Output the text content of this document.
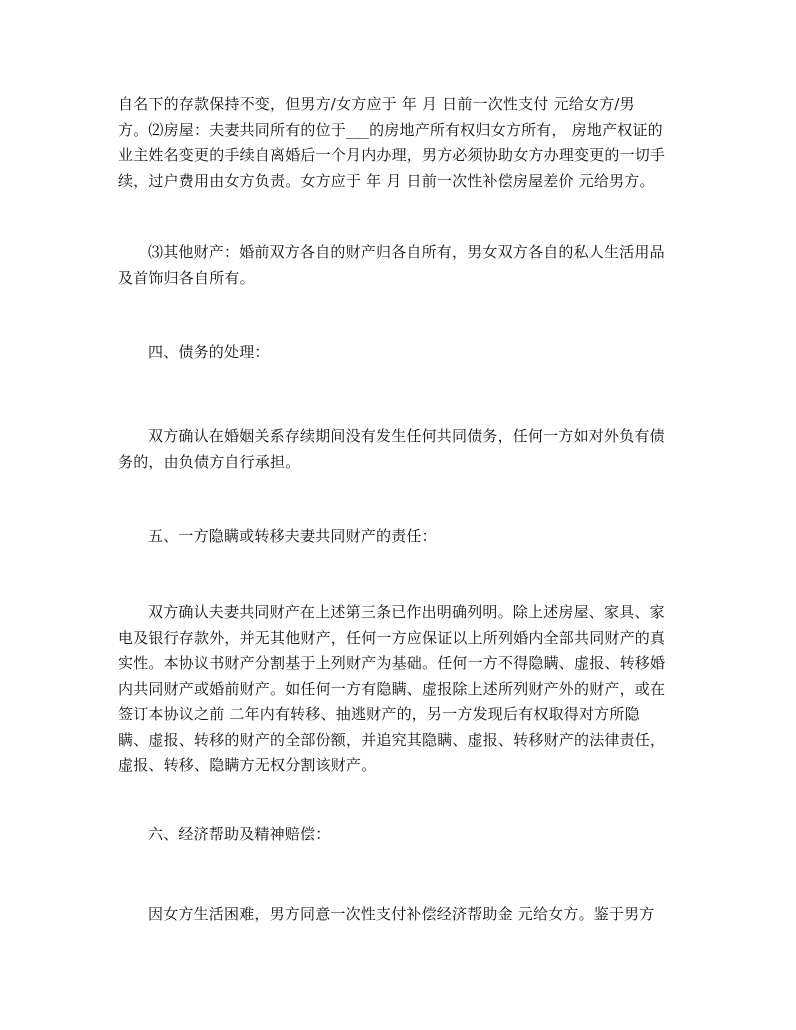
自名下的存款保持不变，但男方/女方应于 年 月 日前一次性支付 元给女方/男
方。⑵房屋：夫妻共同所有的位于___的房地产所有权归女方所有， 房地产权证的
业主姓名变更的手续自离婚后一个月内办理，男方必须协助女方办理变更的一切手
续，过户费用由女方负责。女方应于 年 月 日前一次性补偿房屋差价 元给男方。

⑶其他财产：婚前双方各自的财产归各自所有，男女双方各自的私人生活用品
及首饰归各自所有。

四、债务的处理：

双方确认在婚姻关系存续期间没有发生任何共同债务，任何一方如对外负有债
务的，由负债方自行承担。

五、一方隐瞒或转移夫妻共同财产的责任：

双方确认夫妻共同财产在上述第三条已作出明确列明。除上述房屋、家具、家
电及银行存款外，并无其他财产，任何一方应保证以上所列婚内全部共同财产的真
实性。本协议书财产分割基于上列财产为基础。任何一方不得隐瞒、虚报、转移婚
内共同财产或婚前财产。如任何一方有隐瞒、虚报除上述所列财产外的财产，或在
签订本协议之前 二年内有转移、抽逃财产的，另一方发现后有权取得对方所隐
瞒、虚报、转移的财产的全部份额，并追究其隐瞒、虚报、转移财产的法律责任，
虚报、转移、隐瞒方无权分割该财产。

六、经济帮助及精神赔偿：

因女方生活困难，男方同意一次性支付补偿经济帮助金 元给女方。鉴于男方
